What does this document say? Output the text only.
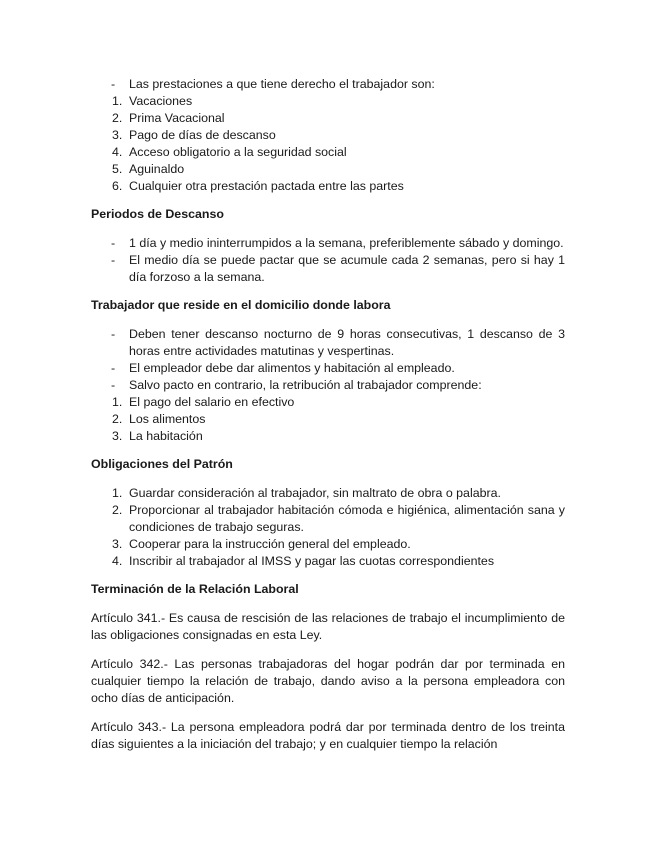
- Las prestaciones a que tiene derecho el trabajador son:
1. Vacaciones
2. Prima Vacacional
3. Pago de días de descanso
4. Acceso obligatorio a la seguridad social
5. Aguinaldo
6. Cualquier otra prestación pactada entre las partes
Periodos de Descanso
- 1 día y medio ininterrumpidos a la semana, preferiblemente sábado y domingo.
- El medio día se puede pactar que se acumule cada 2 semanas, pero si hay 1 día forzoso a la semana.
Trabajador que reside en el domicilio donde labora
- Deben tener descanso nocturno de 9 horas consecutivas, 1 descanso de 3 horas entre actividades matutinas y vespertinas.
- El empleador debe dar alimentos y habitación al empleado.
- Salvo pacto en contrario, la retribución al trabajador comprende:
1. El pago del salario en efectivo
2. Los alimentos
3. La habitación
Obligaciones del Patrón
1. Guardar consideración al trabajador, sin maltrato de obra o palabra.
2. Proporcionar al trabajador habitación cómoda e higiénica, alimentación sana y condiciones de trabajo seguras.
3. Cooperar para la instrucción general del empleado.
4. Inscribir al trabajador al IMSS y pagar las cuotas correspondientes
Terminación de la Relación Laboral

Artículo 341.- Es causa de rescisión de las relaciones de trabajo el incumplimiento de las obligaciones consignadas en esta Ley.

Artículo 342.- Las personas trabajadoras del hogar podrán dar por terminada en cualquier tiempo la relación de trabajo, dando aviso a la persona empleadora con ocho días de anticipación.

Artículo 343.- La persona empleadora podrá dar por terminada dentro de los treinta días siguientes a la iniciación del trabajo; y en cualquier tiempo la relación
